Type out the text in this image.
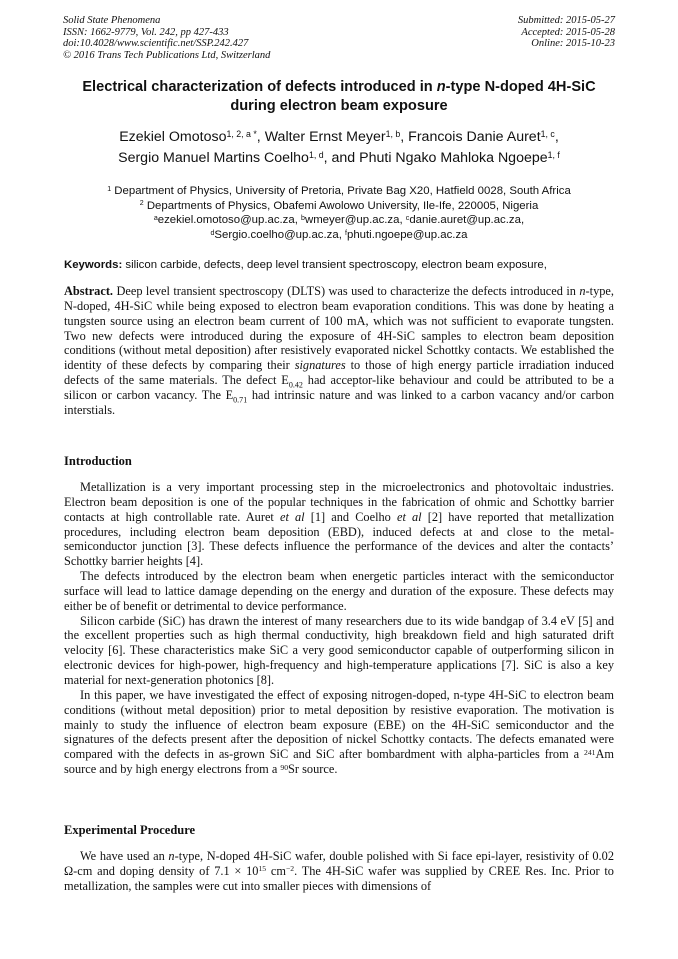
Solid State Phenomena
ISSN: 1662-9779, Vol. 242, pp 427-433
doi:10.4028/www.scientific.net/SSP.242.427
© 2016 Trans Tech Publications Ltd, Switzerland
Submitted: 2015-05-27
Accepted: 2015-05-28
Online: 2015-10-23
Electrical characterization of defects introduced in n-type N-doped 4H-SiC during electron beam exposure
Ezekiel Omotoso$^{1, 2, a *}$, Walter Ernst Meyer$^{1, b}$, Francois Danie Auret$^{1, c}$,
Sergio Manuel Martins Coelho$^{1, d}$, and Phuti Ngako Mahloka Ngoepe$^{1, f}$
$^1$ Department of Physics, University of Pretoria, Private Bag X20, Hatfield 0028, South Africa
$^2$ Departments of Physics, Obafemi Awolowo University, Ile-Ife, 220005, Nigeria
$^a$ezekiel.omotoso@up.ac.za, $^b$wmeyer@up.ac.za, $^c$danie.auret@up.ac.za,
$^d$Sergio.coelho@up.ac.za, $^f$phuti.ngoepe@up.ac.za
Keywords: silicon carbide, defects, deep level transient spectroscopy, electron beam exposure,

Abstract. Deep level transient spectroscopy (DLTS) was used to characterize the defects introduced in n-type, N-doped, 4H-SiC while being exposed to electron beam evaporation conditions. This was done by heating a tungsten source using an electron beam current of 100 mA, which was not sufficient to evaporate tungsten. Two new defects were introduced during the exposure of 4H-SiC samples to electron beam deposition conditions (without metal deposition) after resistively evaporated nickel Schottky contacts. We established the identity of these defects by comparing their signatures to those of high energy particle irradiation induced defects of the same materials. The defect $E_{0.42}$ had acceptor-like behaviour and could be attributed to be a silicon or carbon vacancy. The $E_{0.71}$ had intrinsic nature and was linked to a carbon vacancy and/or carbon interstials.

Introduction

Metallization is a very important processing step in the microelectronics and photovoltaic industries. Electron beam deposition is one of the popular techniques in the fabrication of ohmic and Schottky barrier contacts at high controllable rate. Auret et al [1] and Coelho et al [2] have reported that metallization procedures, including electron beam deposition (EBD), induced defects at and close to the metal-semiconductor junction [3]. These defects influence the performance of the devices and alter the contacts’ Schottky barrier heights [4].

The defects introduced by the electron beam when energetic particles interact with the semiconductor surface will lead to lattice damage depending on the energy and duration of the exposure. These defects may either be of benefit or detrimental to device performance.

Silicon carbide (SiC) has drawn the interest of many researchers due to its wide bandgap of 3.4 eV [5] and the excellent properties such as high thermal conductivity, high breakdown field and high saturated drift velocity [6]. These characteristics make SiC a very good semiconductor capable of outperforming silicon in electronic devices for high-power, high-frequency and high-temperature applications [7]. SiC is also a key material for next-generation photonics [8].

In this paper, we have investigated the effect of exposing nitrogen-doped, n-type 4H-SiC to electron beam conditions (without metal deposition) prior to metal deposition by resistive evaporation. The motivation is mainly to study the influence of electron beam exposure (EBE) on the 4H-SiC semiconductor and the signatures of the defects present after the deposition of nickel Schottky contacts. The defects emanated were compared with the defects in as-grown SiC and SiC after bombardment with alpha-particles from a $^{241}$Am source and by high energy electrons from a $^{90}$Sr source.

Experimental Procedure

We have used an n-type, N-doped 4H-SiC wafer, double polished with Si face epi-layer, resistivity of 0.02 Ω-cm and doping density of $7.1 \times 10^{15}$ $cm^{-2}$. The 4H-SiC wafer was supplied by CREE Res. Inc. Prior to metallization, the samples were cut into smaller pieces with dimensions of
